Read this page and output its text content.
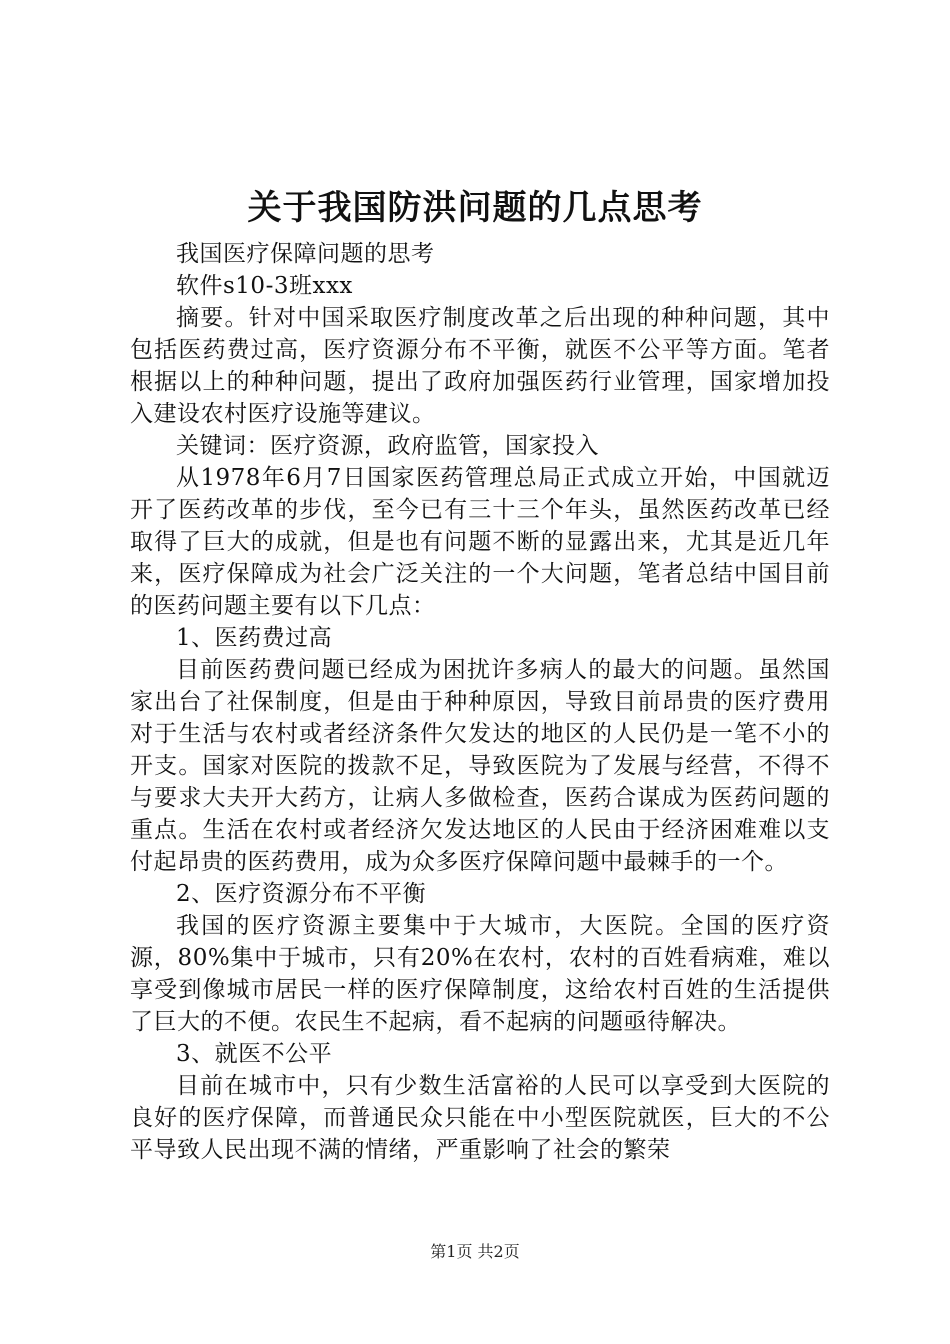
关于我国防洪问题的几点思考

我国医疗保障问题的思考

软件s10-3班xxx

摘要。针对中国采取医疗制度改革之后出现的种种问题，其中包括医药费过高，医疗资源分布不平衡，就医不公平等方面。笔者根据以上的种种问题，提出了政府加强医药行业管理，国家增加投入建设农村医疗设施等建议。

关键词：医疗资源，政府监管，国家投入

从1978年6月7日国家医药管理总局正式成立开始，中国就迈开了医药改革的步伐，至今已有三十三个年头，虽然医药改革已经取得了巨大的成就，但是也有问题不断的显露出来，尤其是近几年来，医疗保障成为社会广泛关注的一个大问题，笔者总结中国目前的医药问题主要有以下几点：

1、医药费过高

目前医药费问题已经成为困扰许多病人的最大的问题。虽然国家出台了社保制度，但是由于种种原因，导致目前昂贵的医疗费用对于生活与农村或者经济条件欠发达的地区的人民仍是一笔不小的开支。国家对医院的拨款不足，导致医院为了发展与经营，不得不与要求大夫开大药方，让病人多做检查，医药合谋成为医药问题的重点。生活在农村或者经济欠发达地区的人民由于经济困难难以支付起昂贵的医药费用，成为众多医疗保障问题中最棘手的一个。

2、医疗资源分布不平衡

我国的医疗资源主要集中于大城市，大医院。全国的医疗资源，80%集中于城市，只有20%在农村，农村的百姓看病难，难以享受到像城市居民一样的医疗保障制度，这给农村百姓的生活提供了巨大的不便。农民生不起病，看不起病的问题亟待解决。

3、就医不公平

目前在城市中，只有少数生活富裕的人民可以享受到大医院的良好的医疗保障，而普通民众只能在中小型医院就医，巨大的不公平导致人民出现不满的情绪，严重影响了社会的繁荣

第1页 共2页
